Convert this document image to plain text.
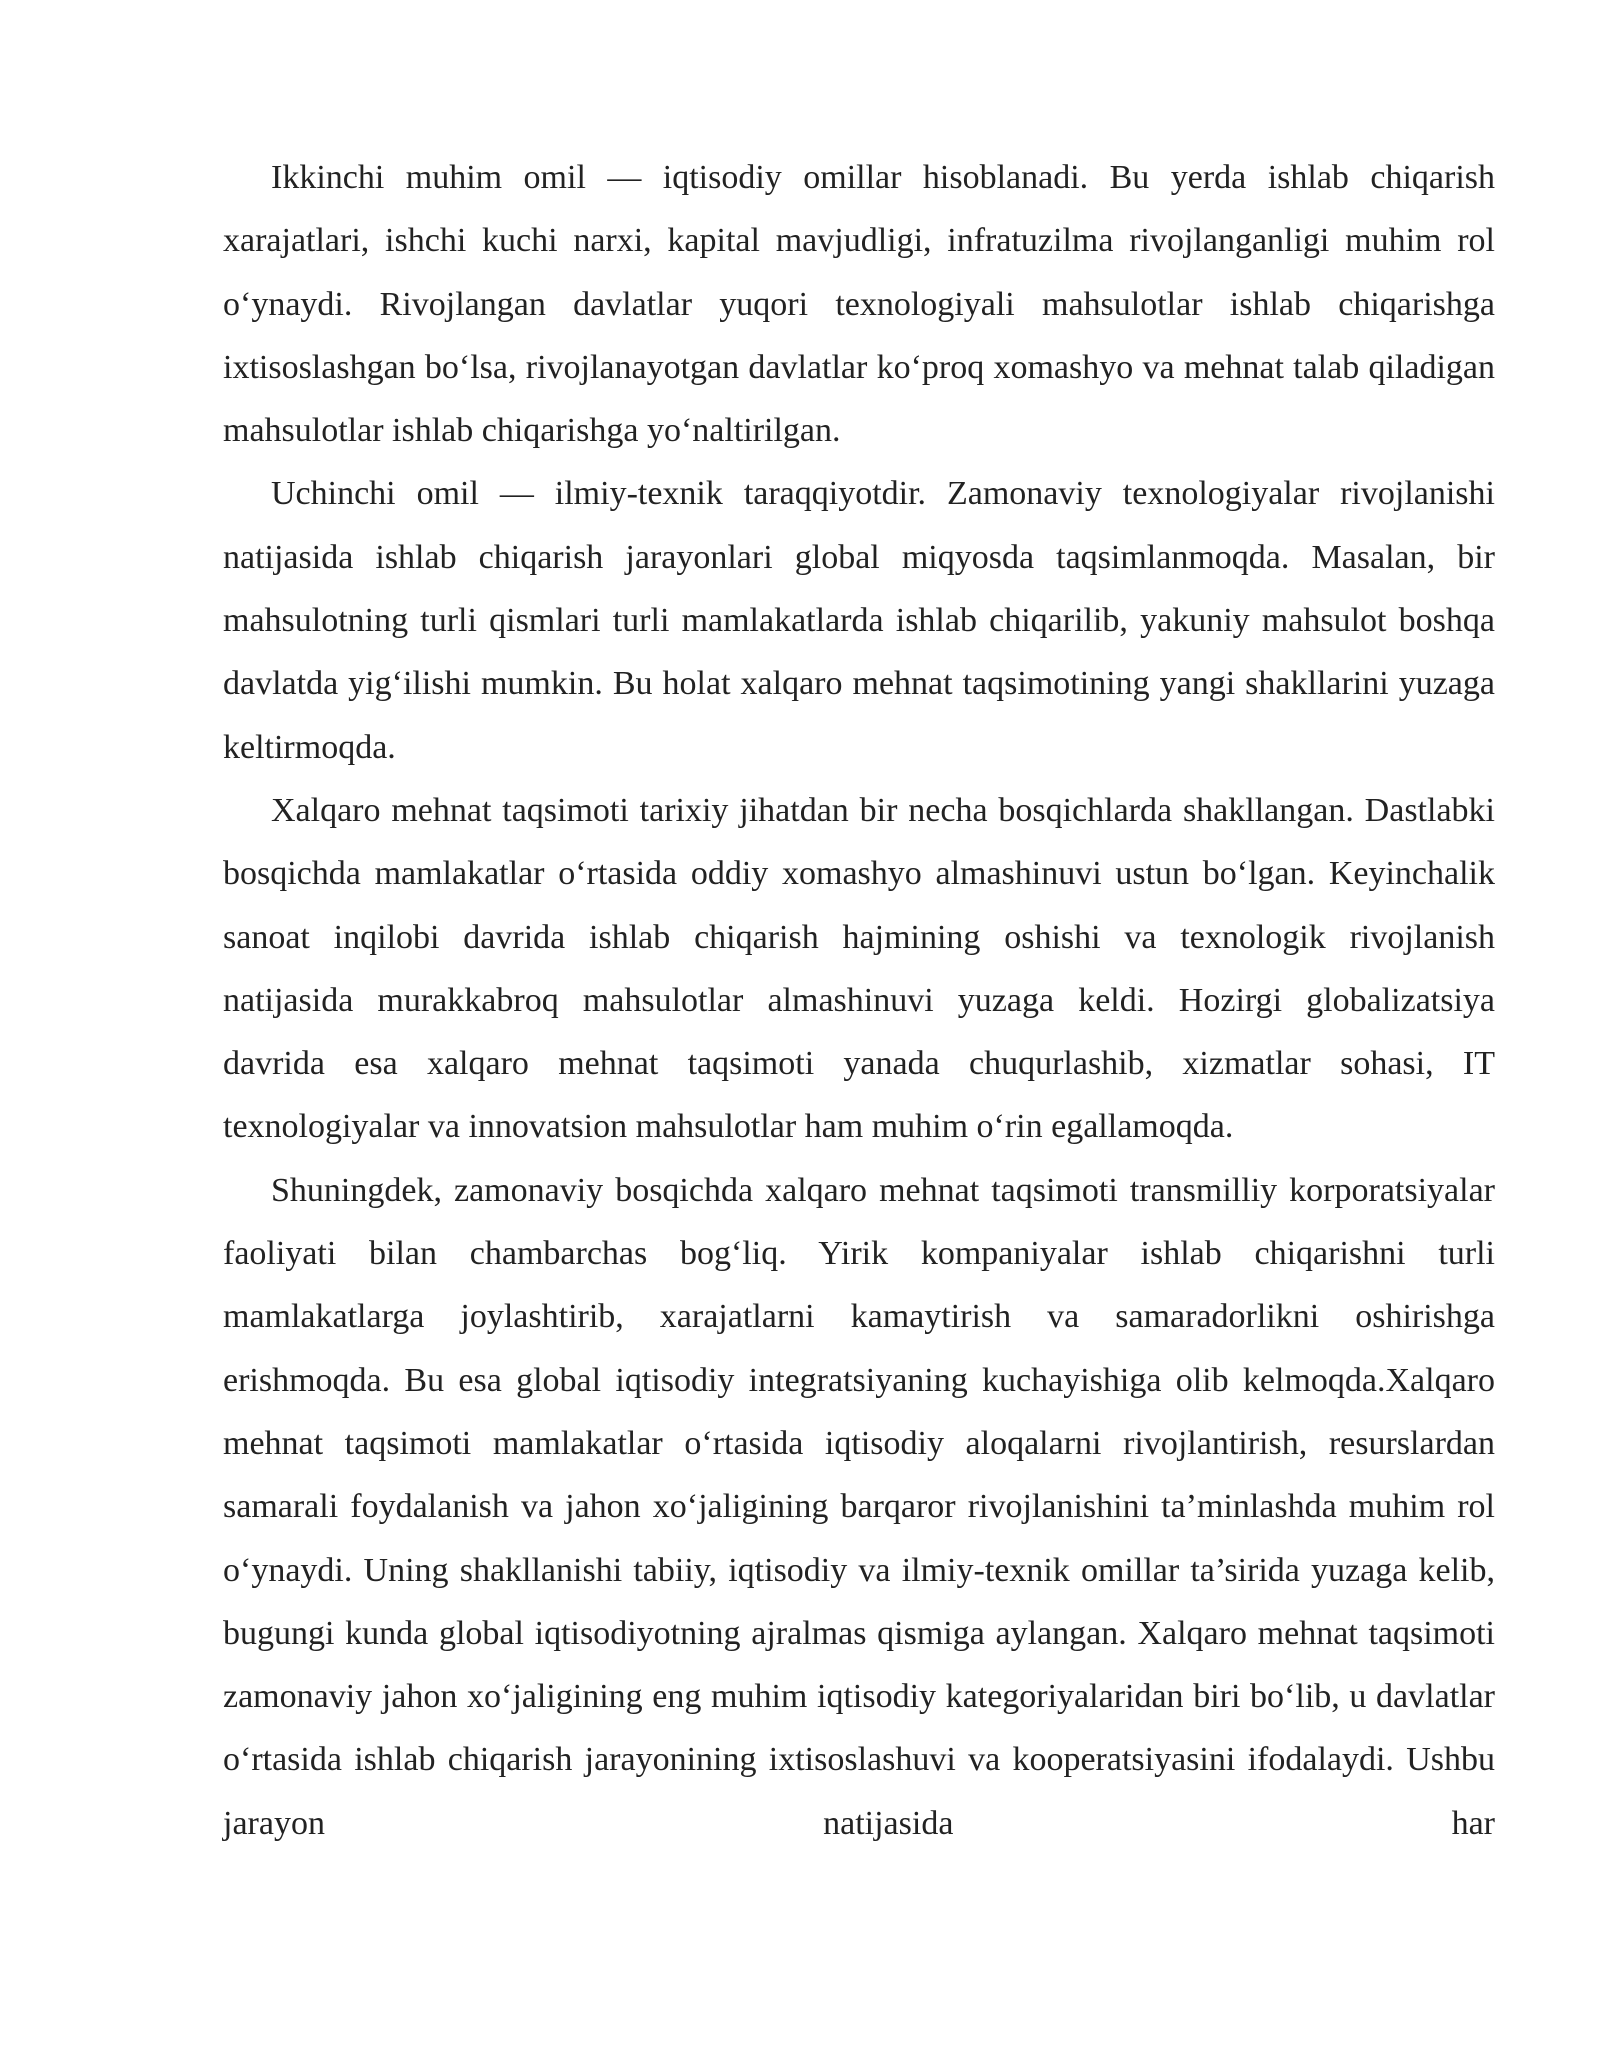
Ikkinchi muhim omil — iqtisodiy omillar hisoblanadi. Bu yerda ishlab chiqarish xarajatlari, ishchi kuchi narxi, kapital mavjudligi, infratuzilma rivojlanganligi muhim rol o‘ynaydi. Rivojlangan davlatlar yuqori texnologiyali mahsulotlar ishlab chiqarishga ixtisoslashgan bo‘lsa, rivojlanayotgan davlatlar ko‘proq xomashyo va mehnat talab qiladigan mahsulotlar ishlab chiqarishga yo‘naltirilgan.

Uchinchi omil — ilmiy-texnik taraqqiyotdir. Zamonaviy texnologiyalar rivojlanishi natijasida ishlab chiqarish jarayonlari global miqyosda taqsimlanmoqda. Masalan, bir mahsulotning turli qismlari turli mamlakatlarda ishlab chiqarilib, yakuniy mahsulot boshqa davlatda yig‘ilishi mumkin. Bu holat xalqaro mehnat taqsimotining yangi shakllarini yuzaga keltirmoqda.

Xalqaro mehnat taqsimoti tarixiy jihatdan bir necha bosqichlarda shakllangan. Dastlabki bosqichda mamlakatlar o‘rtasida oddiy xomashyo almashinuvi ustun bo‘lgan. Keyinchalik sanoat inqilobi davrida ishlab chiqarish hajmining oshishi va texnologik rivojlanish natijasida murakkabroq mahsulotlar almashinuvi yuzaga keldi. Hozirgi globalizatsiya davrida esa xalqaro mehnat taqsimoti yanada chuqurlashib, xizmatlar sohasi, IT texnologiyalar va innovatsion mahsulotlar ham muhim o‘rin egallamoqda.

Shuningdek, zamonaviy bosqichda xalqaro mehnat taqsimoti transmilliy korporatsiyalar faoliyati bilan chambarchas bog‘liq. Yirik kompaniyalar ishlab chiqarishni turli mamlakatlarga joylashtirib, xarajatlarni kamaytirish va samaradorlikni oshirishga erishmoqda. Bu esa global iqtisodiy integratsiyaning kuchayishiga olib kelmoqda.Xalqaro mehnat taqsimoti mamlakatlar o‘rtasida iqtisodiy aloqalarni rivojlantirish, resurslardan samarali foydalanish va jahon xo‘jaligining barqaror rivojlanishini ta’minlashda muhim rol o‘ynaydi. Uning shakllanishi tabiiy, iqtisodiy va ilmiy-texnik omillar ta’sirida yuzaga kelib, bugungi kunda global iqtisodiyotning ajralmas qismiga aylangan. Xalqaro mehnat taqsimoti zamonaviy jahon xo‘jaligining eng muhim iqtisodiy kategoriyalaridan biri bo‘lib, u davlatlar o‘rtasida ishlab chiqarish jarayonining ixtisoslashuvi va kooperatsiyasini ifodalaydi. Ushbu jarayon natijasida har
